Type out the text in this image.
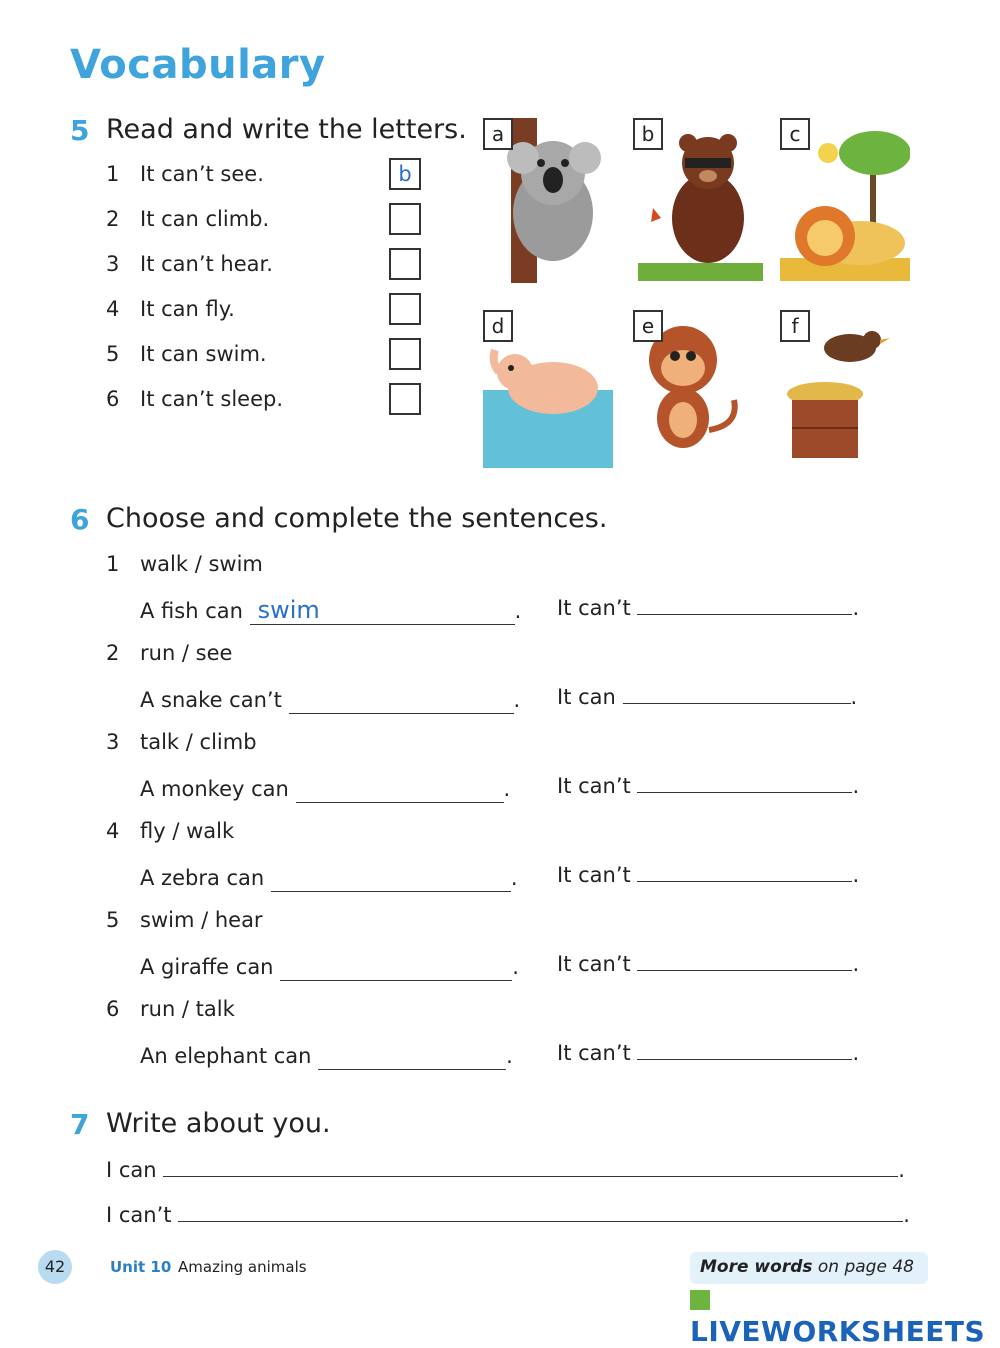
Vocabulary
5 Read and write the letters.
1 It can’t see.	b
2 It can climb.
3 It can’t hear.
4 It can fly.
5 It can swim.
6 It can’t sleep.
a	b	c
d	e	f
6 Choose and complete the sentences.
1 walk / swim
A fish can swim	. It can’t	.
2 run / see
A snake can’t	. It can	.
3 talk / climb
A monkey can	. It can’t	.
4 fly / walk
A zebra can	. It can’t	.
5 swim / hear
A giraffe can	. It can’t	.
6 run / talk
An elephant can	. It can’t	.
7 Write about you.
I can	.
I can’t	.
42	Unit 10 Amazing animals	More words on page 48
LIVEWORKSHEETS
